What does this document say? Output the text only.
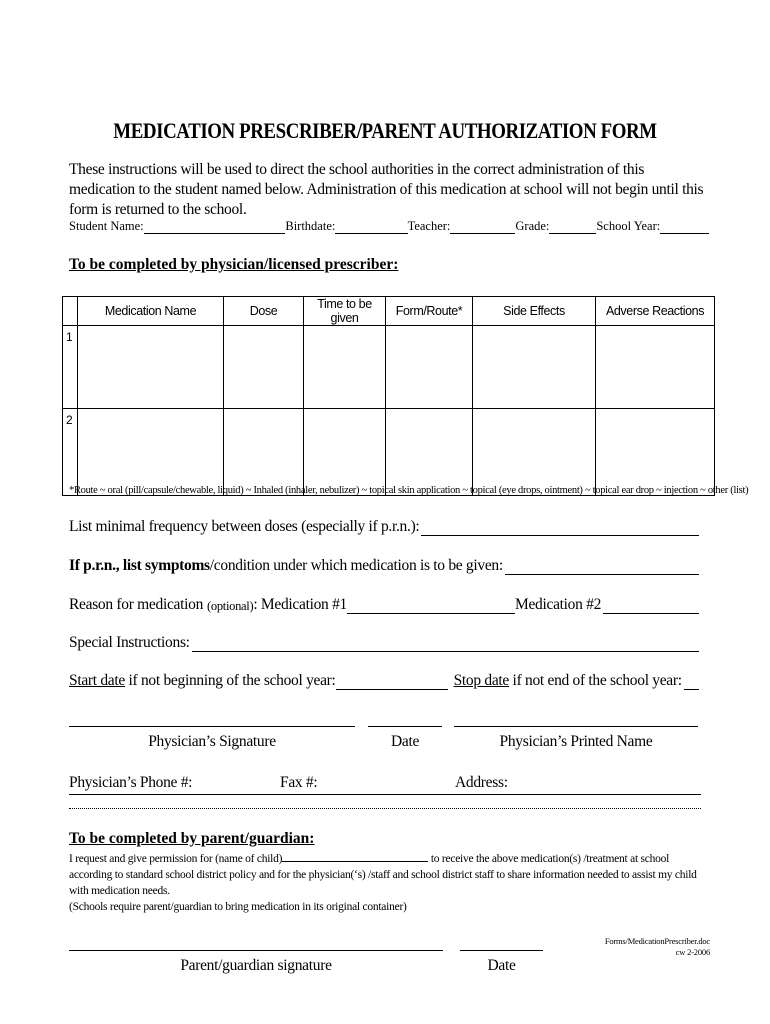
MEDICATION PRESCRIBER/PARENT AUTHORIZATION FORM
These instructions will be used to direct the school authorities in the correct administration of this medication to the student named below. Administration of this medication at school will not begin until this form is returned to the school.
Student Name:	Birthdate:	Teacher:	Grade:	School Year:
To be completed by physician/licensed prescriber:
	Medication Name	Dose	Time to be given	Form/Route*	Side Effects	Adverse Reactions
1						
2						
*Route ~ oral (pill/capsule/chewable, liquid) ~ Inhaled (inhaler, nebulizer) ~ topical skin application ~ topical (eye drops, ointment) ~ topical ear drop ~ injection ~ other (list)
List minimal frequency between doses (especially if p.r.n.):
If p.r.n., list symptoms /condition under which medication is to be given:
Reason for medication (optional) : Medication #1	Medication #2
Special Instructions:
Start date if not beginning of the school year:	Stop date if not end of the school year:
Physician’s Signature	Date	Physician’s Printed Name
Physician’s Phone #:	Fax #:	Address:
To be completed by parent/guardian:
I request and give permission for (name of child)	to receive the above medication(s) /treatment at school according to standard school district policy and for the physician(‘s) /staff and school district staff to share information needed to assist my child with medication needs.
(Schools require parent/guardian to bring medication in its original container)
Forms/MedicationPrescriber.doc
cw 2-2006
Parent/guardian signature	Date
